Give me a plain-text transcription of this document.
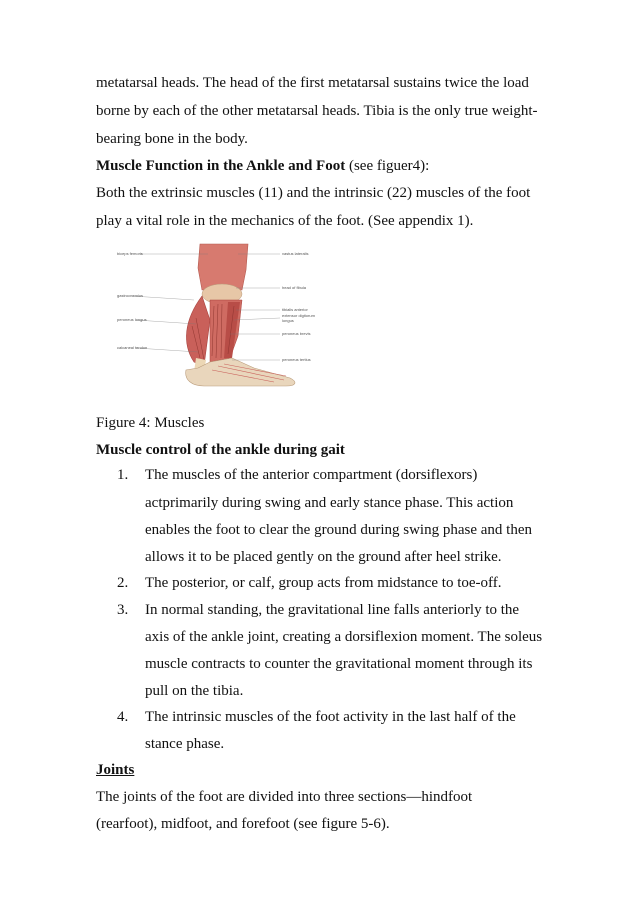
metatarsal heads. The head of the first metatarsal sustains twice the load
borne by each of the other metatarsal heads. Tibia is the only true weight-
bearing bone in the body.
Muscle Function in the Ankle and Foot (see figuer4):
Both the extrinsic muscles (11) and the intrinsic (22) muscles of the foot
play a vital role in the mechanics of the foot. (See appendix 1).
biceps femoris
gastrocnemius
peroneus longus
calcaneal tendon
vastus lateralis
head of fibula
tibialis anterior
extensor digitorum
longus
peroneus brevis
peroneus tertius
Figure 4: Muscles
Muscle control of the ankle during gait
1. The muscles of the anterior compartment (dorsiflexors)
actprimarily during swing and early stance phase. This action
enables the foot to clear the ground during swing phase and then
allows it to be placed gently on the ground after heel strike.
2. The posterior, or calf, group acts from midstance to toe-off.
3. In normal standing, the gravitational line falls anteriorly to the
axis of the ankle joint, creating a dorsiflexion moment. The soleus
muscle contracts to counter the gravitational moment through its
pull on the tibia.
4. The intrinsic muscles of the foot activity in the last half of the
stance phase.
Joints
The joints of the foot are divided into three sections—hindfoot
(rearfoot), midfoot, and forefoot (see figure 5-6).
